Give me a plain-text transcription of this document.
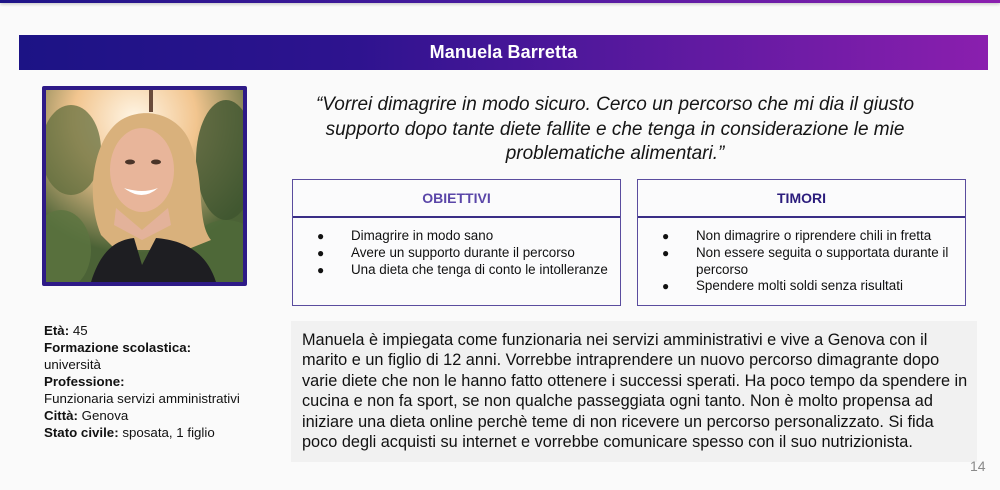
Manuela Barretta
“Vorrei dimagrire in modo sicuro. Cerco un percorso che mi dia il giusto supporto dopo tante diete fallite e che tenga in considerazione le mie problematiche alimentari.”
OBIETTIVI
●	Dimagrire in modo sano
●	Avere un supporto durante il percorso
●	Una dieta che tenga di conto le intolleranze
TIMORI
●	Non dimagrire o riprendere chili in fretta
●	Non essere seguita o supportata durante il percorso
●	Spendere molti soldi senza risultati
Età: 45
Formazione scolastica:
università
Professione:
Funzionaria servizi amministrativi
Città: Genova
Stato civile: sposata, 1 figlio
Manuela è impiegata come funzionaria nei servizi amministrativi e vive a Genova con il marito e un figlio di 12 anni. Vorrebbe intraprendere un nuovo percorso dimagrante dopo varie diete che non le hanno fatto ottenere i successi sperati. Ha poco tempo da spendere in cucina e non fa sport, se non qualche passeggiata ogni tanto. Non è molto propensa ad iniziare una dieta online perchè teme di non ricevere un percorso personalizzato. Si fida poco degli acquisti su internet e vorrebbe comunicare spesso con il suo nutrizionista.
14
